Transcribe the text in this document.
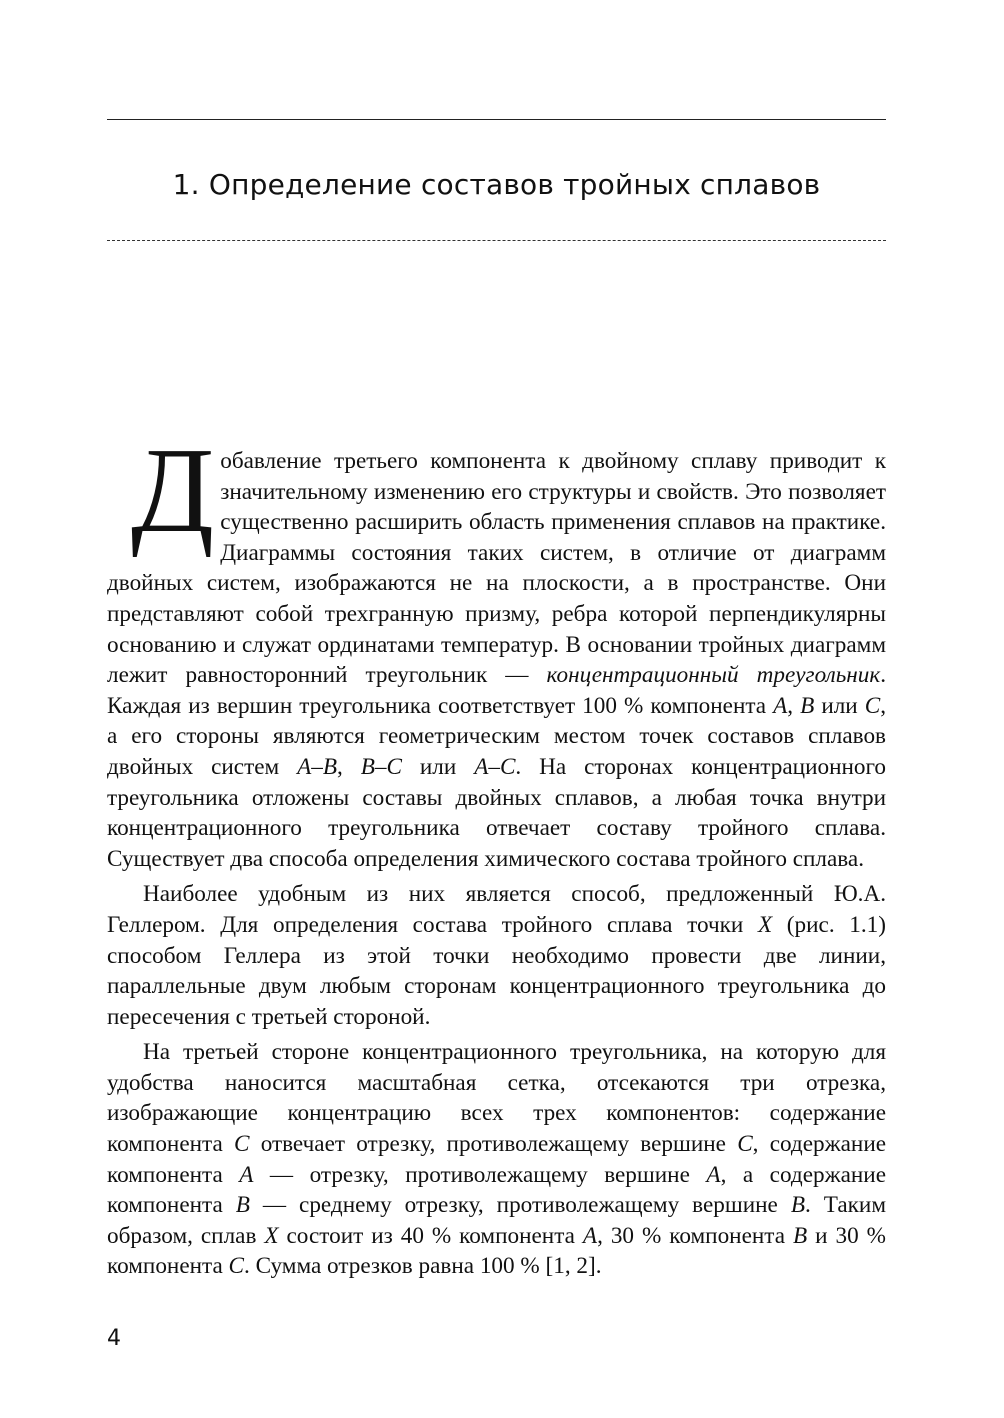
1. Определение составов тройных сплавов

Добавление третьего компонента к двойному сплаву приводит к значительному изменению его структуры и свойств. Это позволяет существенно расширить область применения сплавов на практике. Диаграммы состояния таких систем, в отличие от диаграмм двойных систем, изображаются не на плоскости, а в пространстве. Они представляют собой трехгранную призму, ребра которой перпендикулярны основанию и служат ординатами температур. В основании тройных диаграмм лежит равносторонний треугольник — концентрационный треугольник. Каждая из вершин треугольника соответствует 100 % компонента A, B или C, а его стороны являются геометрическим местом точек составов сплавов двойных систем A–B, B–C или A–C. На сторонах концентрационного треугольника отложены составы двойных сплавов, а любая точка внутри концентрационного треугольника отвечает составу тройного сплава. Существует два способа определения химического состава тройного сплава.

Наиболее удобным из них является способ, предложенный Ю.А. Геллером. Для определения состава тройного сплава точки X (рис. 1.1) способом Геллера из этой точки необходимо провести две линии, параллельные двум любым сторонам концентрационного треугольника до пересечения с третьей стороной.

На третьей стороне концентрационного треугольника, на которую для удобства наносится масштабная сетка, отсекаются три отрезка, изображающие концентрацию всех трех компонентов: содержание компонента C отвечает отрезку, противолежащему вершине C, содержание компонента A — отрезку, противолежащему вершине A, а содержание компонента B — среднему отрезку, противолежащему вершине B. Таким образом, сплав X состоит из 40 % компонента A, 30 % компонента B и 30 % компонента C. Сумма отрезков равна 100 % [1, 2].

4
